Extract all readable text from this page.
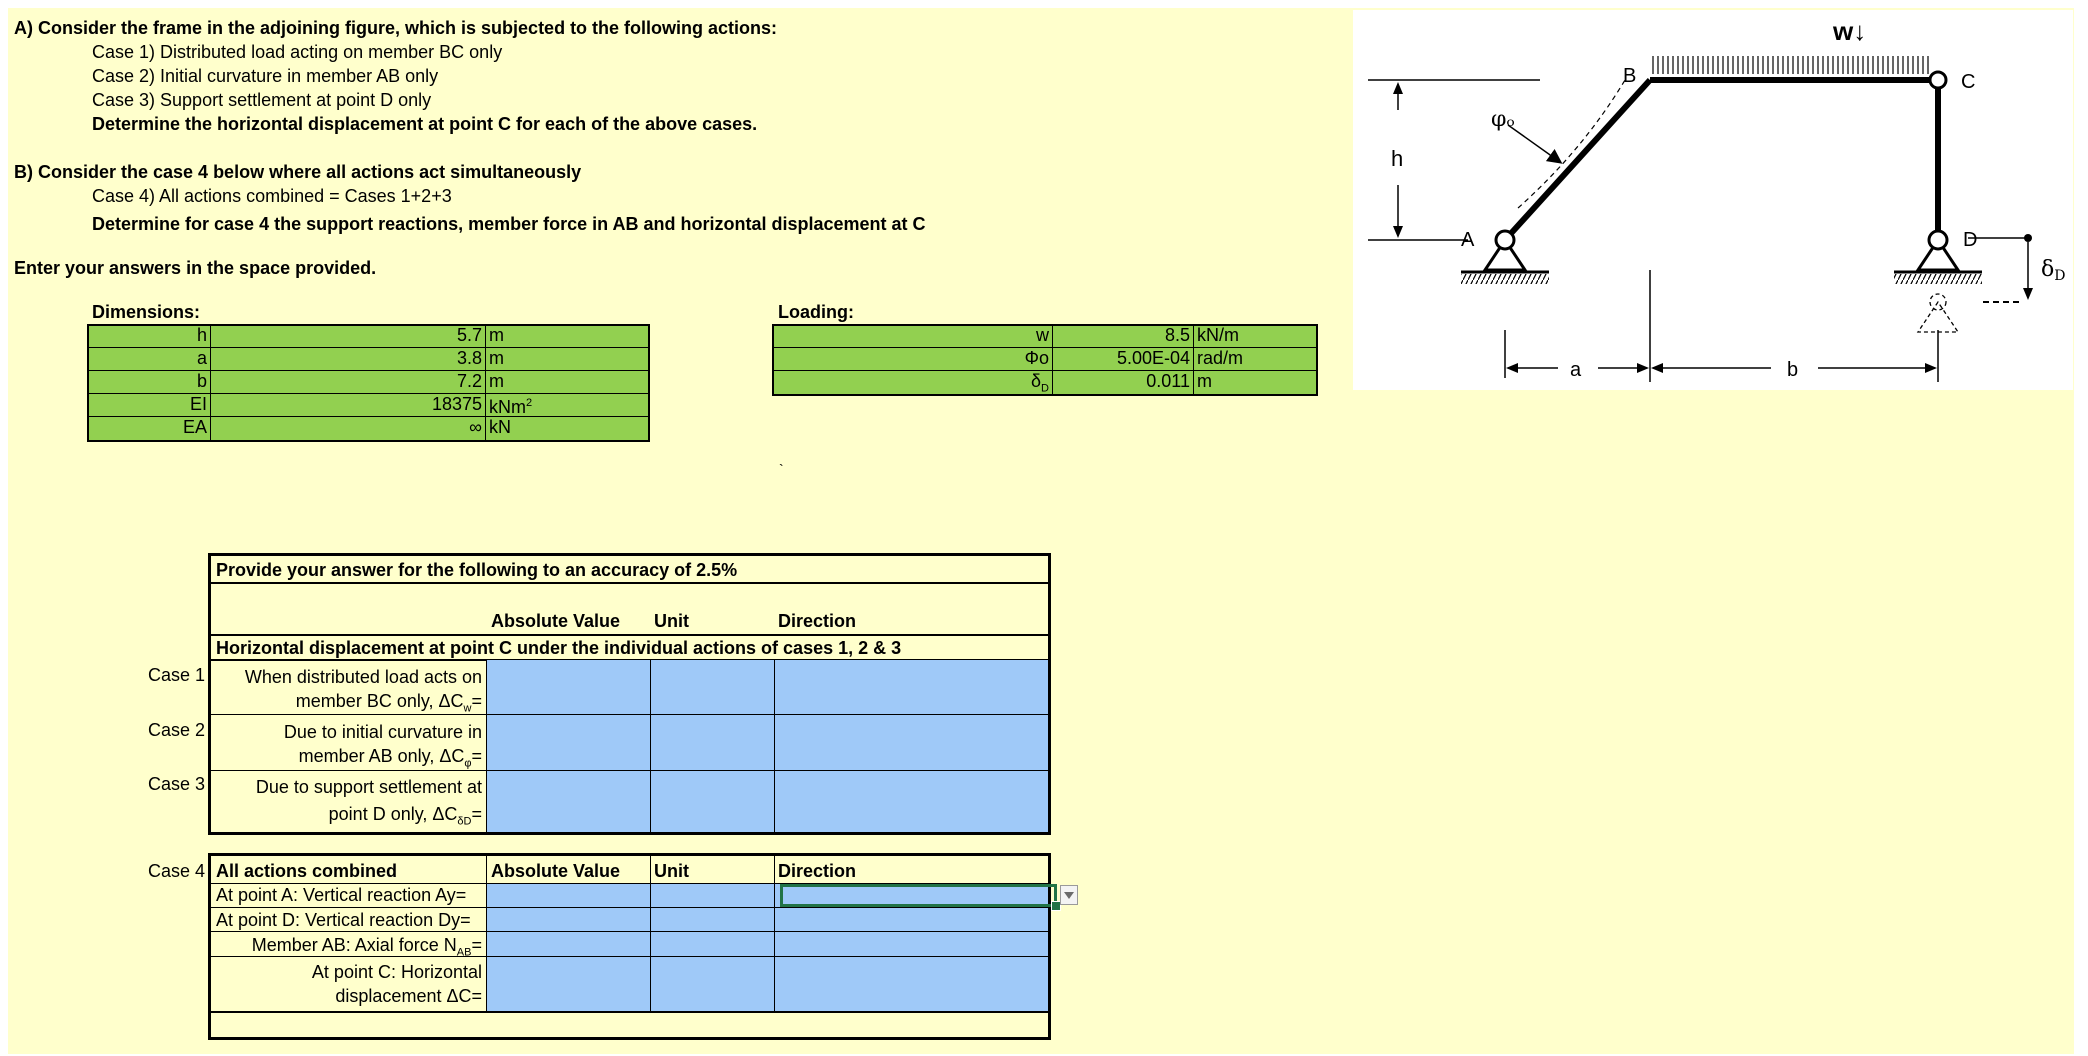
A) Consider the frame in the adjoining figure, which is subjected to the following actions:
Case 1) Distributed load acting on member BC only
Case 2) Initial curvature in member AB only
Case 3) Support settlement at point D only
Determine the horizontal displacement at point C for each of the above cases.
B) Consider the case 4 below where all actions act simultaneously
Case 4) All actions combined = Cases 1+2+3
Determine for case 4 the support reactions, member force in AB and horizontal displacement at C
Enter your answers in the space provided.
Dimensions:
h	5.7 m
a	3.8 m
b	7.2 m
EI	18375 kNm$^2$
EA	∞ kN
Loading:
w	8.5 kN/m
Φo	5.00E-04 rad/m
$\delta_D$	0.011 m
`
Provide your answer for the following to an accuracy of 2.5%
Absolute Value Unit	Direction
Horizontal displacement at point C under the individual actions of cases 1, 2 & 3
Case 1	When distributed load acts on
member BC only, $\Delta C_w=$
Case 2	Due to initial curvature in
member AB only, $\Delta C_\varphi=$
Case 3	Due to support settlement at
point D only, $\Delta C_{\delta D}=$
Case 4 All actions combined	Absolute Value Unit	Direction
At point A: Vertical reaction Ay=
At point D: Vertical reaction Dy=
Member AB: Axial force $N_{AB}=$
At point C: Horizontal
displacement ΔC=
w↓
B	C
A	D
h
a	b
φₒ
δD
